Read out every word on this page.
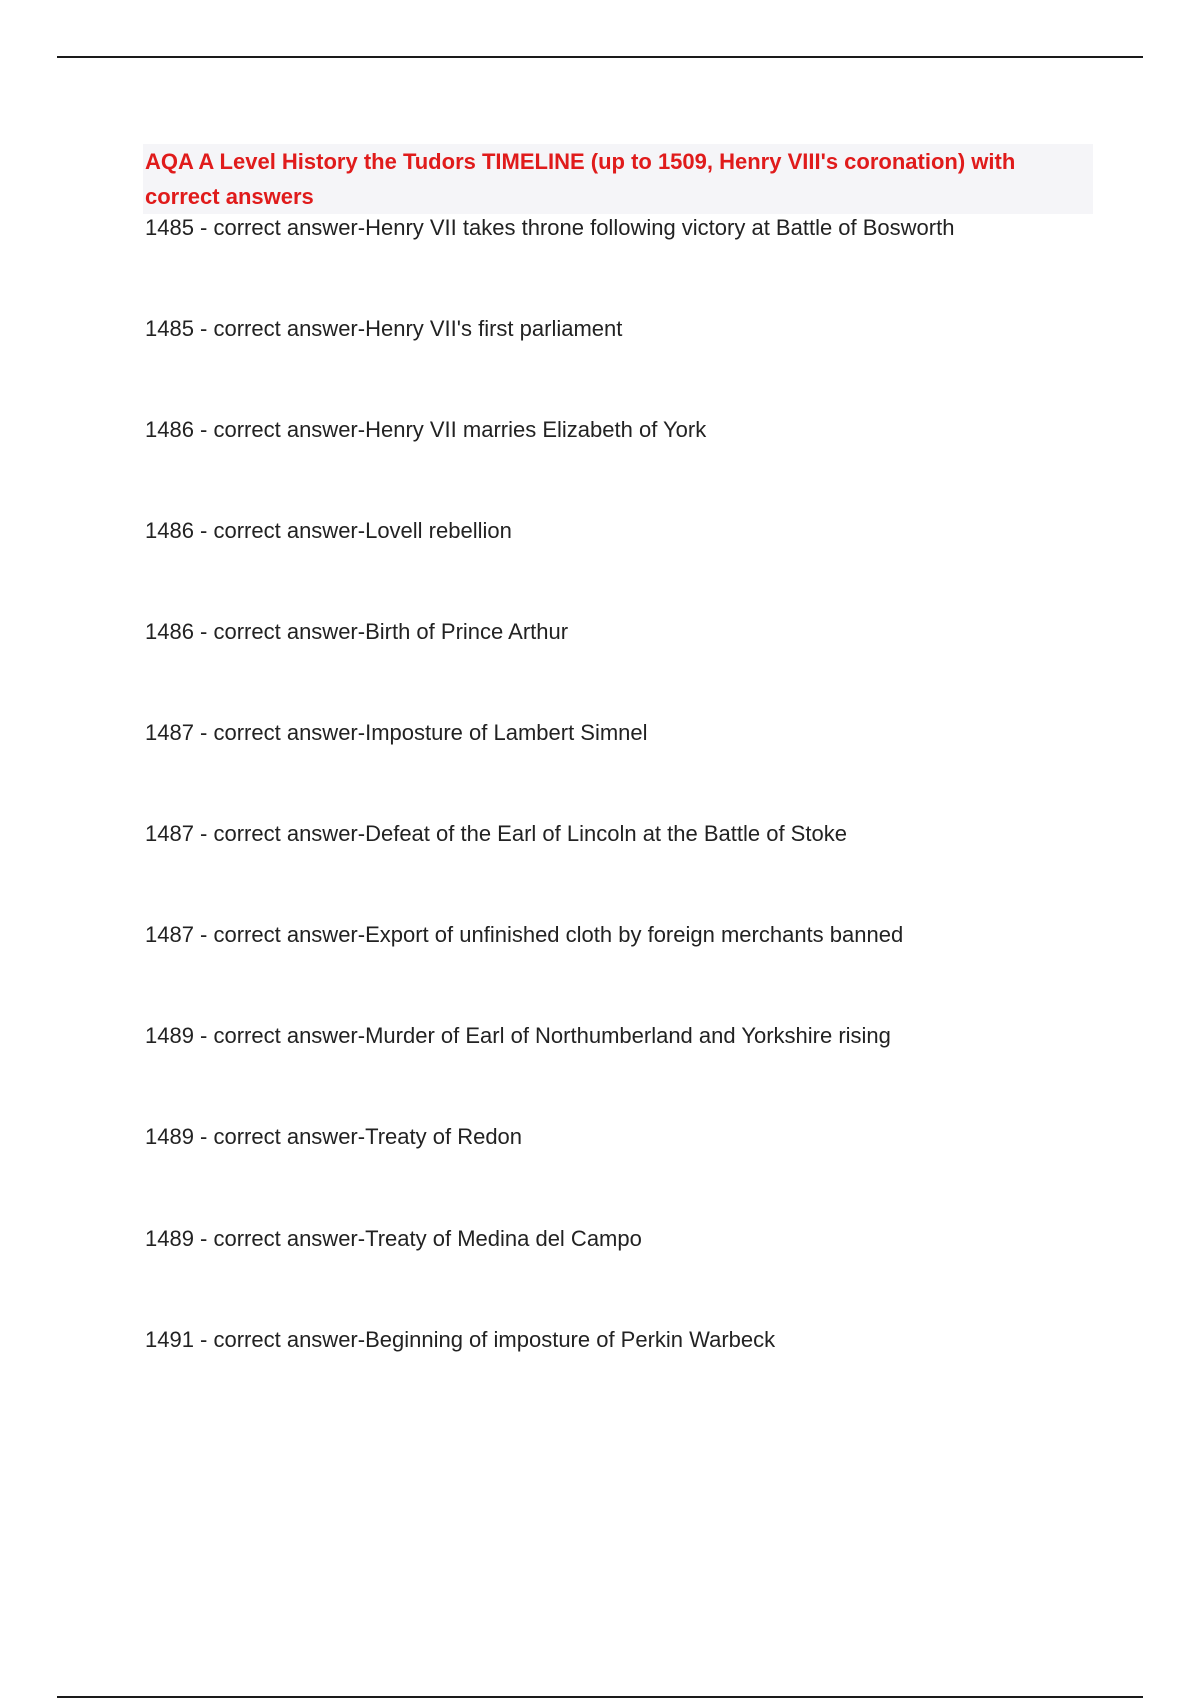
AQA A Level History the Tudors TIMELINE (up to 1509, Henry VIII's coronation) with correct answers
1485 - correct answer-Henry VII takes throne following victory at Battle of Bosworth
1485 - correct answer-Henry VII's first parliament
1486 - correct answer-Henry VII marries Elizabeth of York
1486 - correct answer-Lovell rebellion
1486 - correct answer-Birth of Prince Arthur
1487 - correct answer-Imposture of Lambert Simnel
1487 - correct answer-Defeat of the Earl of Lincoln at the Battle of Stoke
1487 - correct answer-Export of unfinished cloth by foreign merchants banned
1489 - correct answer-Murder of Earl of Northumberland and Yorkshire rising
1489 - correct answer-Treaty of Redon
1489 - correct answer-Treaty of Medina del Campo
1491 - correct answer-Beginning of imposture of Perkin Warbeck
